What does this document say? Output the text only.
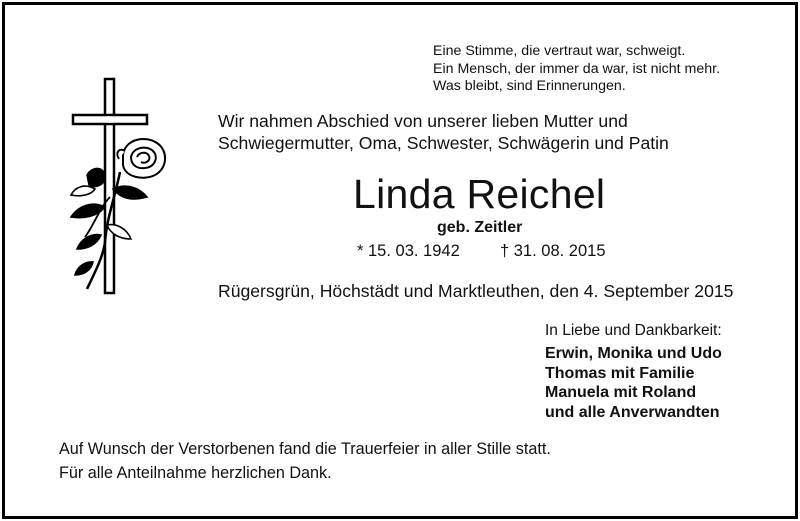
Eine Stimme, die vertraut war, schweigt.
Ein Mensch, der immer da war, ist nicht mehr.
Was bleibt, sind Erinnerungen.
Wir nahmen Abschied von unserer lieben Mutter und
Schwiegermutter, Oma, Schwester, Schwägerin und Patin
Linda Reichel
geb. Zeitler
* 15. 03. 1942 † 31. 08. 2015
Rügersgrün, Höchstädt und Marktleuthen, den 4. September 2015
In Liebe und Dankbarkeit:
Erwin, Monika und Udo
Thomas mit Familie
Manuela mit Roland
und alle Anverwandten
Auf Wunsch der Verstorbenen fand die Trauerfeier in aller Stille statt.
Für alle Anteilnahme herzlichen Dank.
